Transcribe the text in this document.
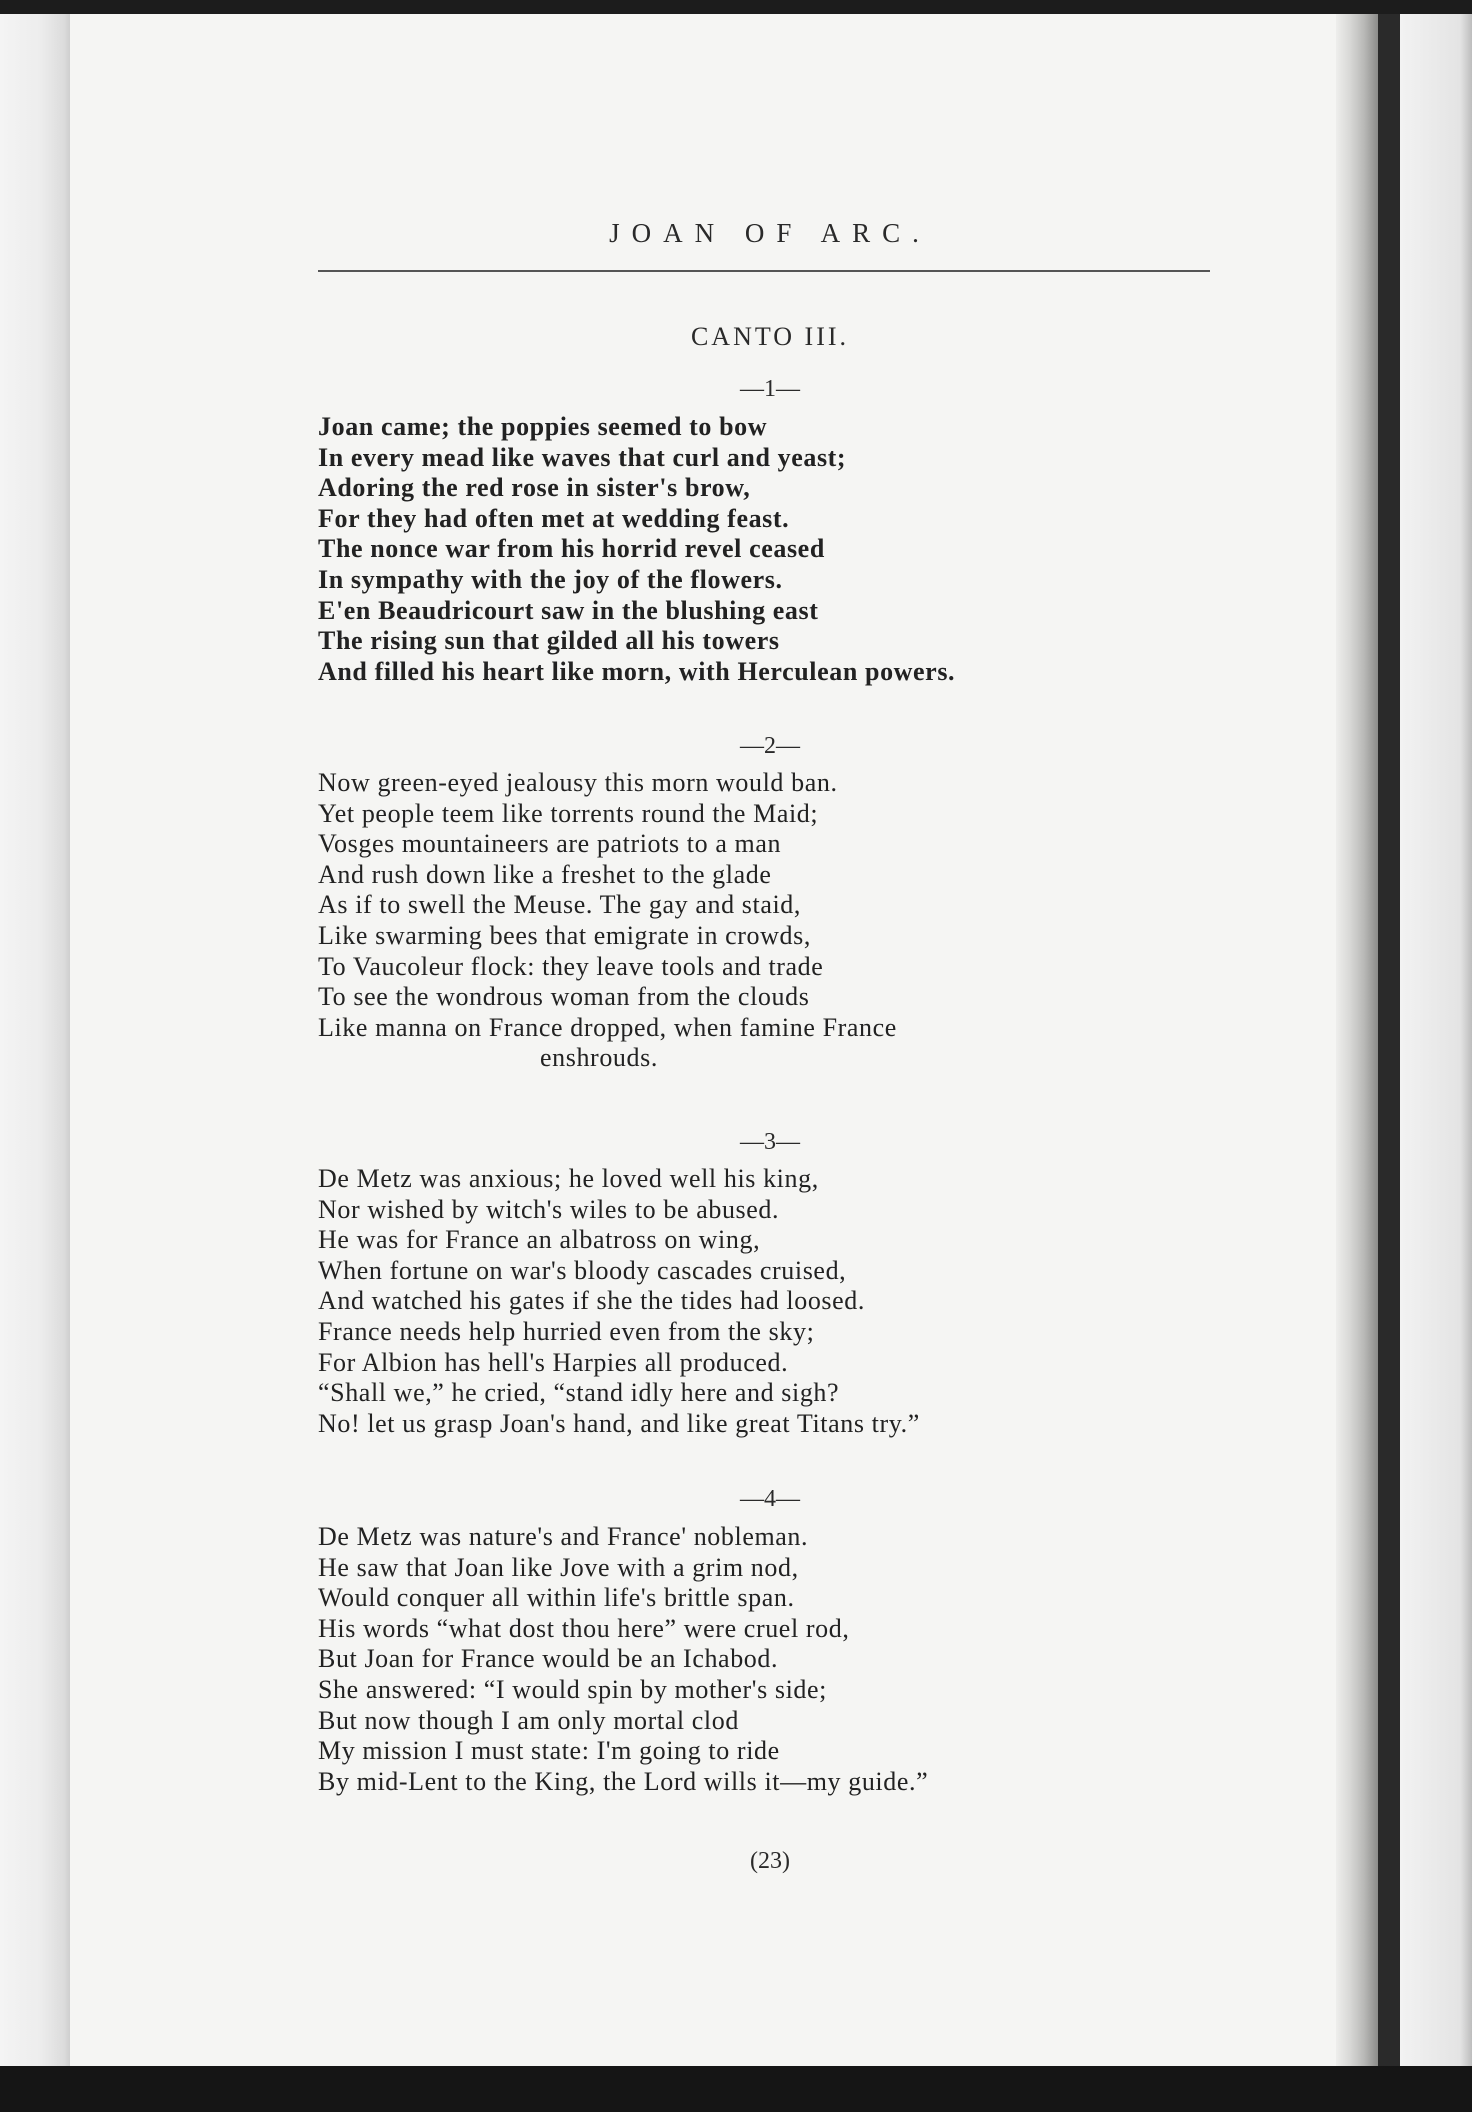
JOAN OF ARC.
CANTO III.
—1—
Joan came; the poppies seemed to bow
In every mead like waves that curl and yeast;
Adoring the red rose in sister's brow,
For they had often met at wedding feast.
The nonce war from his horrid revel ceased
In sympathy with the joy of the flowers.
E'en Beaudricourt saw in the blushing east
The rising sun that gilded all his towers
And filled his heart like morn, with Herculean powers.
—2—
Now green-eyed jealousy this morn would ban.
Yet people teem like torrents round the Maid;
Vosges mountaineers are patriots to a man
And rush down like a freshet to the glade
As if to swell the Meuse. The gay and staid,
Like swarming bees that emigrate in crowds,
To Vaucoleur flock: they leave tools and trade
To see the wondrous woman from the clouds
Like manna on France dropped, when famine France
enshrouds.
—3—
De Metz was anxious; he loved well his king,
Nor wished by witch's wiles to be abused.
He was for France an albatross on wing,
When fortune on war's bloody cascades cruised,
And watched his gates if she the tides had loosed.
France needs help hurried even from the sky;
For Albion has hell's Harpies all produced.
“Shall we,” he cried, “stand idly here and sigh?
No! let us grasp Joan's hand, and like great Titans try.”
—4—
De Metz was nature's and France' nobleman.
He saw that Joan like Jove with a grim nod,
Would conquer all within life's brittle span.
His words “what dost thou here” were cruel rod,
But Joan for France would be an Ichabod.
She answered: “I would spin by mother's side;
But now though I am only mortal clod
My mission I must state: I'm going to ride
By mid-Lent to the King, the Lord wills it—my guide.”
(23)
